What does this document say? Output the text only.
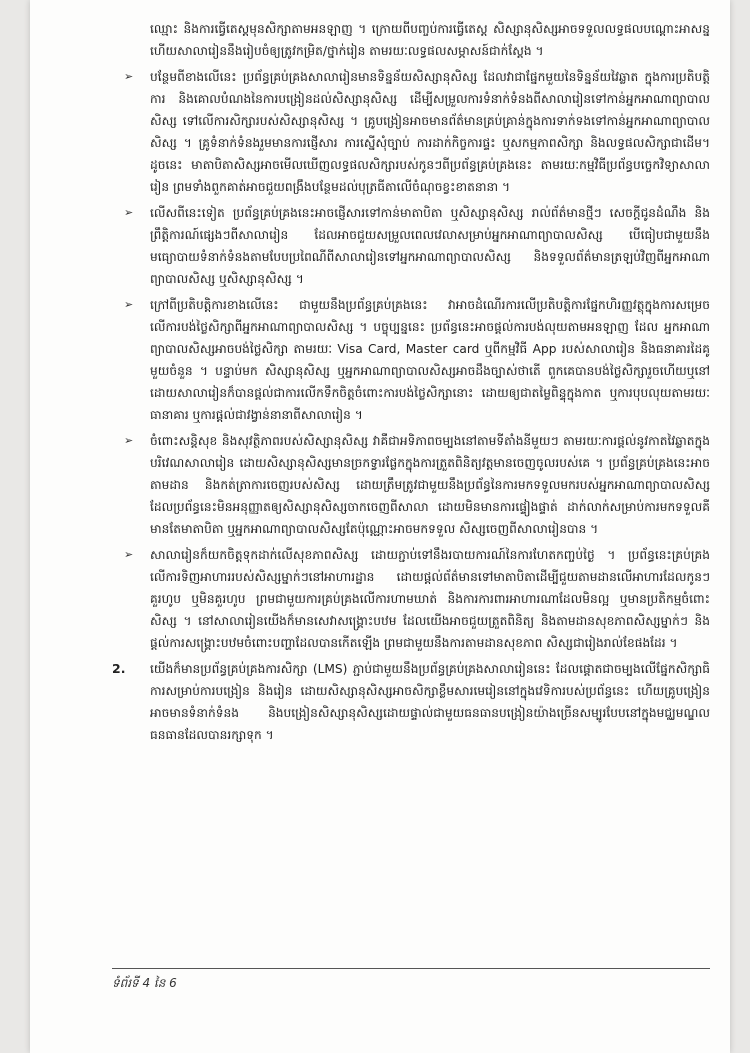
ឈ្មោះ និងការធ្វើតេស្តមុនសិក្សាតាមអនឡាញ ។ ក្រោយពីបញ្ចប់ការធ្វើតេស្ត សិស្សានុសិស្សអាចទទួលលទ្ធផលបណ្តោះអាសន្ន ហើយសាលារៀននឹងរៀបចំឲ្យត្រូវកម្រិត/ថ្នាក់រៀន តាមរយៈលទ្ធផលសម្ភាសន៍ជាក់ស្តែង ។

➢ បន្ថែមពីខាងលើនេះ ប្រព័ន្ធគ្រប់គ្រងសាលារៀនមានទិន្នន័យសិស្សានុសិស្ស ដែលវាជាផ្នែកមួយនៃទិន្នន័យវៃឆ្លាត ក្នុងការប្រតិបត្តិការ និងគោលបំណងនៃការបង្រៀនដល់សិស្សានុសិស្ស ដើម្បីសម្រួលការទំនាក់ទំនងពីសាលារៀនទៅកាន់អ្នកអាណាព្យាបាលសិស្ស ទៅលើការសិក្សារបស់សិស្សានុសិស្ស ។ គ្រូបង្រៀនអាចមានព័ត៌មានគ្រប់គ្រាន់ក្នុងការទាក់ទងទៅកាន់អ្នកអាណាព្យាបាលសិស្ស ។ គ្រូទំនាក់ទំនងរួមមានការផ្ញើសារ ការស្នើសុំច្បាប់ ការដាក់កិច្ចការផ្ទះ ឬសកម្មភាពសិក្សា និងលទ្ធផលសិក្សាជាដើម។ ដូចនេះ មាតាបិតាសិស្សអាចមើលឃើញលទ្ធផលសិក្សារបស់កូនៗពីប្រព័ន្ធគ្រប់គ្រងនេះ តាមរយៈកម្មវិធីប្រព័ន្ធបច្ចេកវិទ្យាសាលារៀន ព្រមទាំងពួកគាត់អាចជួយពង្រឹងបន្ថែមដល់បុត្រធីតាលើចំណុចខ្វះខាតនានា ។

➢ លើសពីនេះទៀត ប្រព័ន្ធគ្រប់គ្រងនេះអាចផ្ញើសារទៅកាន់មាតាបិតា ឬសិស្សានុសិស្ស រាល់ព័ត៌មានថ្មីៗ សេចក្តីជូនដំណឹង និងព្រឹត្តិការណ៍ផ្សេងៗពីសាលារៀន ដែលអាចជួយសម្រួលពេលវេលាសម្រាប់អ្នកអាណាព្យាបាលសិស្ស បើធៀបជាមួយនឹងមធ្យោបាយទំនាក់ទំនងតាមបែបប្រពៃណីពីសាលារៀនទៅអ្នកអាណាព្យាបាលសិស្ស និងទទួលព័ត៌មានត្រឡប់វិញពីអ្នកអាណាព្យាបាលសិស្ស ឬសិស្សានុសិស្ស ។

➢ ក្រៅពីប្រតិបត្តិការខាងលើនេះ ជាមួយនឹងប្រព័ន្ធគ្រប់គ្រងនេះ វាអាចដំណើរការលើប្រតិបត្តិការផ្នែកហិរញ្ញវត្ថុក្នុងការសម្រេចលើការបង់ថ្លៃសិក្សាពីអ្នកអាណាព្យាបាលសិស្ស ។ បច្ចុប្បន្ននេះ ប្រព័ន្ធនេះអាចផ្តល់ការបង់លុយតាមអនឡាញ ដែល អ្នកអាណាព្យាបាលសិស្សអាចបង់ថ្លៃសិក្សា តាមរយៈ Visa Card, Master card ឬពីកម្មវិធី App របស់សាលារៀន និងធនាគារដៃគូមួយចំនួន ។ បន្ទាប់មក សិស្សានុសិស្ស ឬអ្នកអាណាព្យាបាលសិស្សអាចដឹងច្បាស់ថាតើ ពួកគេបានបង់ថ្លៃសិក្សារួចហើយឬនៅ ដោយសាលារៀនក៏បានផ្តល់ជាការលើកទឹកចិត្តចំពោះការបង់ថ្លៃសិក្សានោះ ដោយឲ្យជាតម្លៃពិន្ទុក្នុងកាត ឬការបុបលុយតាមរយៈធានាគារ ឬការផ្តល់ជាវង្វាន់នានាពីសាលារៀន ។

➢ ចំពោះសន្តិសុខ និងសុវត្ថិភាពរបស់សិស្សានុសិស្ស វាគឺជាអទិភាពចម្បងនៅតាមទីតាំងនីមួយៗ តាមរយៈការផ្តល់នូវកាតវៃឆ្លាតក្នុងបរិវេណសាលារៀន ដោយសិស្សានុសិស្សមានច្រកទ្វារផ្លែកក្នុងការត្រួតពិនិត្យវត្តមានចេញចូលរបស់គេ ។ ប្រព័ន្ធគ្រប់គ្រងនេះអាចតាមដាន និងកត់ត្រាការចេញរបស់សិស្ស ដោយត្រឹមត្រូវជាមួយនឹងប្រព័ន្ធនៃការមកទទួលមករបស់អ្នកអាណាព្យាបាលសិស្ស ដែលប្រព័ន្ធនេះមិនអនុញ្ញាតឲ្យសិស្សានុសិស្សចាកចេញពីសាលា ដោយមិនមានការផ្ទៀងផ្ទាត់ ដាក់លាក់សម្រាប់ការមកទទួលគឺមានតែមាតាបិតា ឬអ្នកអាណាព្យាបាលសិស្សតែប៉ុណ្ណោះអាចមកទទួល សិស្សចេញពីសាលារៀនបាន ។

➢ សាលារៀនក៏យកចិត្តទុកដាក់លើសុខភាពសិស្ស ដោយភ្ជាប់ទៅនឹងរបាយការណ៍នៃការហែតកញ្ចប់ថ្ងៃ ។ ប្រព័ន្ធនេះគ្រប់គ្រងលើការទិញអាហាររបស់សិស្សម្នាក់ៗនៅអាហារដ្ឋាន ដោយផ្តល់ព័ត៌មានទៅមាតាបិតាដើម្បីជួយតាមដានលើអាហារដែលកូនៗគួរហូប ឬមិនគួរហូប ព្រមជាមួយការគ្រប់គ្រងលើការហាមឃាត់ និងការការពារអាហារណាដែលមិនល្អ ឬមានប្រតិកម្មចំពោះសិស្ស ។ នៅសាលារៀនយើងក៏មានសេវាសង្គ្រោះបឋម ដែលយើងអាចជួយត្រួតពិនិត្យ និងតាមដានសុខភាពសិស្សម្នាក់ៗ និងផ្តល់ការសង្គ្រោះបឋមចំពោះបញ្ហាដែលបានកើតឡើង ព្រមជាមួយនឹងការតាមដានសុខភាព សិស្សជារៀងរាល់ខែផងដែរ ។

2. យើងក៏មានប្រព័ន្ធគ្រប់គ្រងការសិក្សា (LMS) ភ្ជាប់ជាមួយនឹងប្រព័ន្ធគ្រប់គ្រងសាលារៀននេះ ដែលផ្តោតជាចម្បងលើផ្នែកសិក្សាធិការសម្រាប់ការបង្រៀន និងរៀន ដោយសិស្សានុសិស្សអាចសិក្សាខ្លឹមសារមេរៀននៅក្នុងវេទិការបស់ប្រព័ន្ធនេះ ហើយគ្រូបង្រៀនអាចមានទំនាក់ទំនង និងបង្រៀនសិស្សានុសិស្សដោយផ្ទាល់ជាមួយធនធានបង្រៀនយ៉ាងច្រើនសម្បូរបែបនៅក្នុងមជ្ឈមណ្ឌលធនធានដែលបានរក្សាទុក ។

ទំព័រទី 4 នៃ 6
